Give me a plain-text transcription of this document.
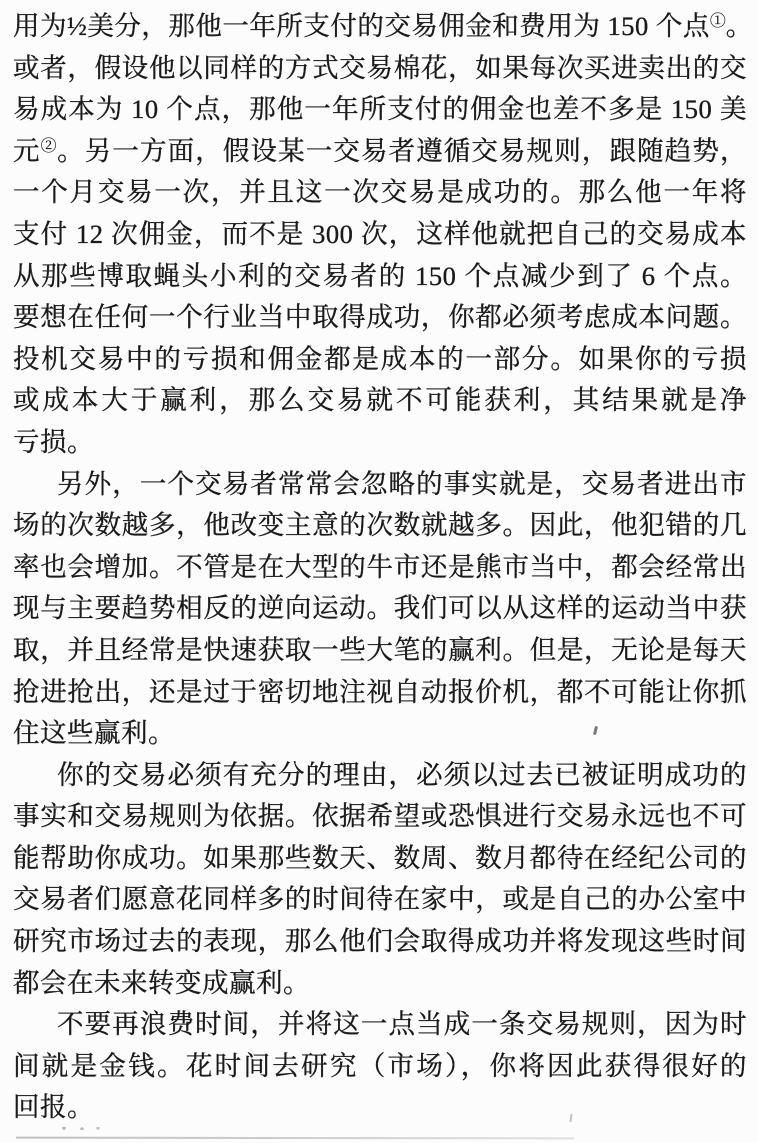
用为½美分，那他一年所支付的交易佣金和费用为 150 个点①。
或者，假设他以同样的方式交易棉花，如果每次买进卖出的交
易成本为 10 个点，那他一年所支付的佣金也差不多是 150 美
元②。另一方面，假设某一交易者遵循交易规则，跟随趋势，
一个月交易一次，并且这一次交易是成功的。那么他一年将
支付 12 次佣金，而不是 300 次，这样他就把自己的交易成本
从那些博取蝇头小利的交易者的 150 个点减少到了 6 个点。
要想在任何一个行业当中取得成功，你都必须考虑成本问题。
投机交易中的亏损和佣金都是成本的一部分。如果你的亏损
或成本大于赢利，那么交易就不可能获利，其结果就是净
亏损。
另外，一个交易者常常会忽略的事实就是，交易者进出市
场的次数越多，他改变主意的次数就越多。因此，他犯错的几
率也会增加。不管是在大型的牛市还是熊市当中，都会经常出
现与主要趋势相反的逆向运动。我们可以从这样的运动当中获
取，并且经常是快速获取一些大笔的赢利。但是，无论是每天
抢进抢出，还是过于密切地注视自动报价机，都不可能让你抓
住这些赢利。
你的交易必须有充分的理由，必须以过去已被证明成功的
事实和交易规则为依据。依据希望或恐惧进行交易永远也不可
能帮助你成功。如果那些数天、数周、数月都待在经纪公司的
交易者们愿意花同样多的时间待在家中，或是自己的办公室中
研究市场过去的表现，那么他们会取得成功并将发现这些时间
都会在未来转变成赢利。
不要再浪费时间，并将这一点当成一条交易规则，因为时
间就是金钱。花时间去研究（市场），你将因此获得很好的
回报。
